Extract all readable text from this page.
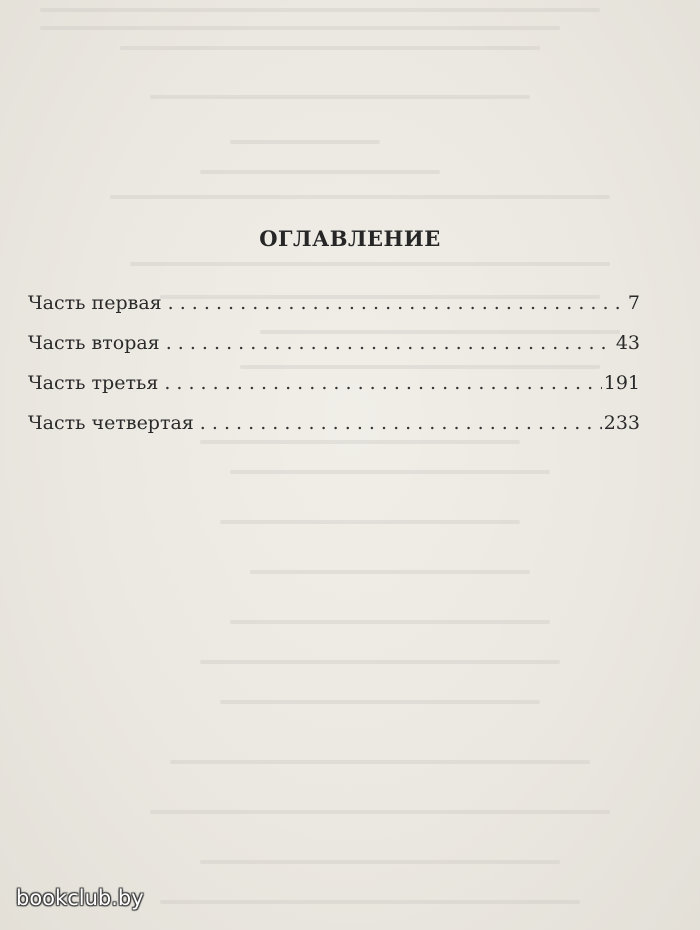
ОГЛАВЛЕНИЕ
Часть первая . . .	7
Часть вторая . . .	43
Часть третья . . .	191
Часть четвертая . . .	233
bookclub.by
